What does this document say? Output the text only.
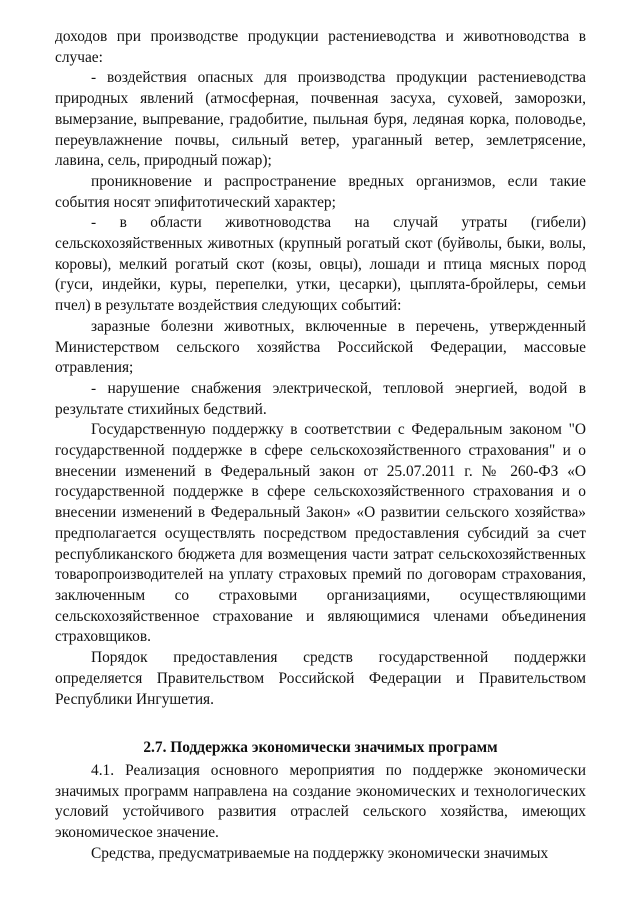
доходов при производстве продукции растениеводства и животноводства в случае:

- воздействия опасных для производства продукции растениеводства природных явлений (атмосферная, почвенная засуха, суховей, заморозки, вымерзание, выпревание, градобитие, пыльная буря, ледяная корка, половодье, переувлажнение почвы, сильный ветер, ураганный ветер, землетрясение, лавина, сель, природный пожар);

проникновение и распространение вредных организмов, если такие события носят эпифитотический характер;

- в области животноводства на случай утраты (гибели) сельскохозяйственных животных (крупный рогатый скот (буйволы, быки, волы, коровы), мелкий рогатый скот (козы, овцы), лошади и птица мясных пород (гуси, индейки, куры, перепелки, утки, цесарки), цыплята-бройлеры, семьи пчел) в результате воздействия следующих событий:

заразные болезни животных, включенные в перечень, утвержденный Министерством сельского хозяйства Российской Федерации, массовые отравления;

- нарушение снабжения электрической, тепловой энергией, водой в результате стихийных бедствий.

Государственную поддержку в соответствии с Федеральным законом "О государственной поддержке в сфере сельскохозяйственного страхования" и о внесении изменений в Федеральный закон от 25.07.2011 г. № 260-ФЗ «О государственной поддержке в сфере сельскохозяйственного страхования и о внесении изменений в Федеральный Закон» «О развитии сельского хозяйства» предполагается осуществлять посредством предоставления субсидий за счет республиканского бюджета для возмещения части затрат сельскохозяйственных товаропроизводителей на уплату страховых премий по договорам страхования, заключенным со страховыми организациями, осуществляющими сельскохозяйственное страхование и являющимися членами объединения страховщиков.

Порядок предоставления средств государственной поддержки определяется Правительством Российской Федерации и Правительством Республики Ингушетия.

2.7. Поддержка экономически значимых программ

4.1. Реализация основного мероприятия по поддержке экономически значимых программ направлена на создание экономических и технологических условий устойчивого развития отраслей сельского хозяйства, имеющих экономическое значение.

Средства, предусматриваемые на поддержку экономически значимых
